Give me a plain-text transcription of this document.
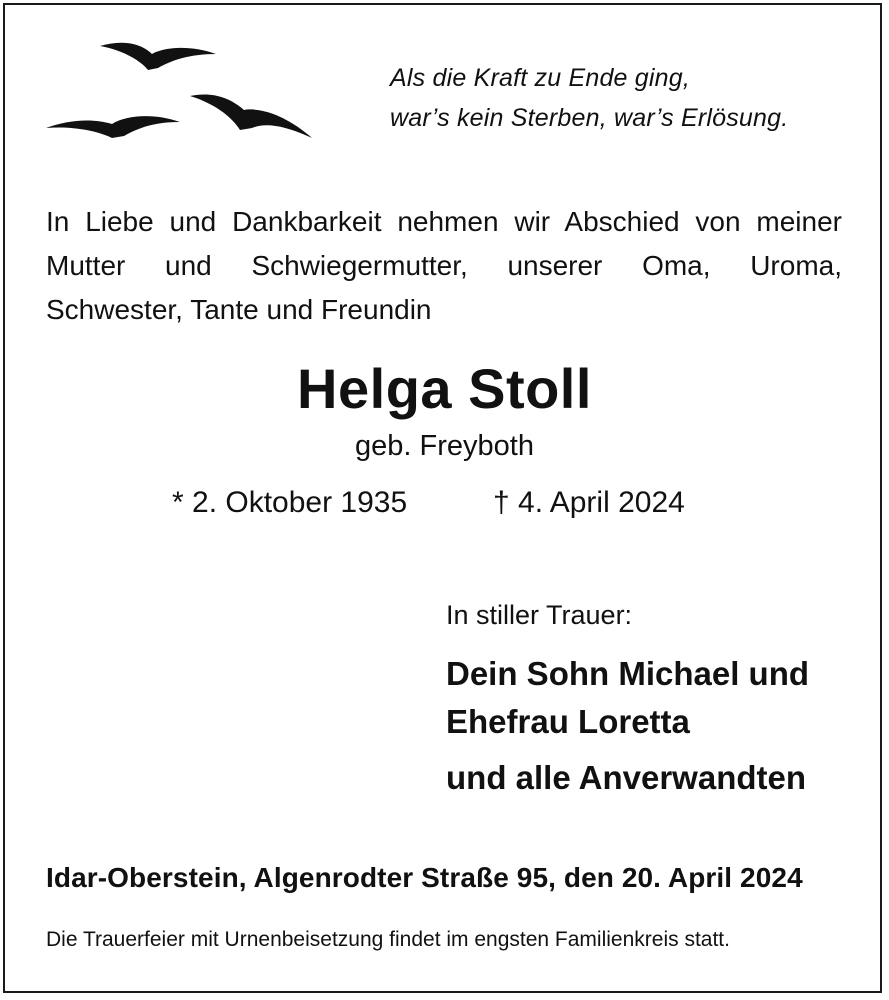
Als die Kraft zu Ende ging,
war’s kein Sterben, war’s Erlösung.
In Liebe und Dankbarkeit nehmen wir Abschied von meiner
Mutter und Schwiegermutter, unserer Oma, Uroma,
Schwester, Tante und Freundin
Helga Stoll
geb. Freyboth
* 2. Oktober 1935	† 4. April 2024
In stiller Trauer:
Dein Sohn Michael und
Ehefrau Loretta
und alle Anverwandten
Idar-Oberstein, Algenrodter Straße 95, den 20. April 2024
Die Trauerfeier mit Urnenbeisetzung findet im engsten Familienkreis statt.
